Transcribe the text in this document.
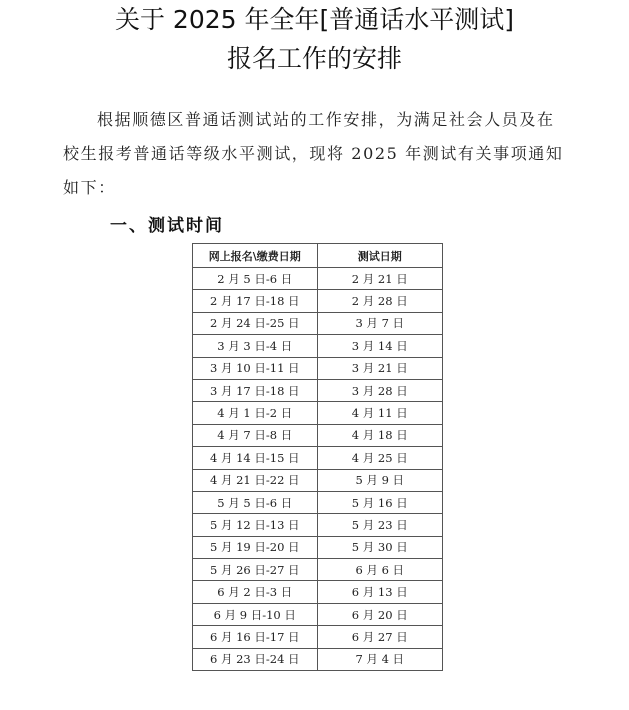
关于 2025 年全年[普通话水平测试]
报名工作的安排
根据顺德区普通话测试站的工作安排，为满足社会人员及在
校生报考普通话等级水平测试，现将 2025 年测试有关事项通知
如下：
一、测试时间
网上报名\缴费日期	测试日期
2 月 5 日-6 日	2 月 21 日
2 月 17 日-18 日	2 月 28 日
2 月 24 日-25 日	3 月 7 日
3 月 3 日-4 日	3 月 14 日
3 月 10 日-11 日	3 月 21 日
3 月 17 日-18 日	3 月 28 日
4 月 1 日-2 日	4 月 11 日
4 月 7 日-8 日	4 月 18 日
4 月 14 日-15 日	4 月 25 日
4 月 21 日-22 日	5 月 9 日
5 月 5 日-6 日	5 月 16 日
5 月 12 日-13 日	5 月 23 日
5 月 19 日-20 日	5 月 30 日
5 月 26 日-27 日	6 月 6 日
6 月 2 日-3 日	6 月 13 日
6 月 9 日-10 日	6 月 20 日
6 月 16 日-17 日	6 月 27 日
6 月 23 日-24 日	7 月 4 日
